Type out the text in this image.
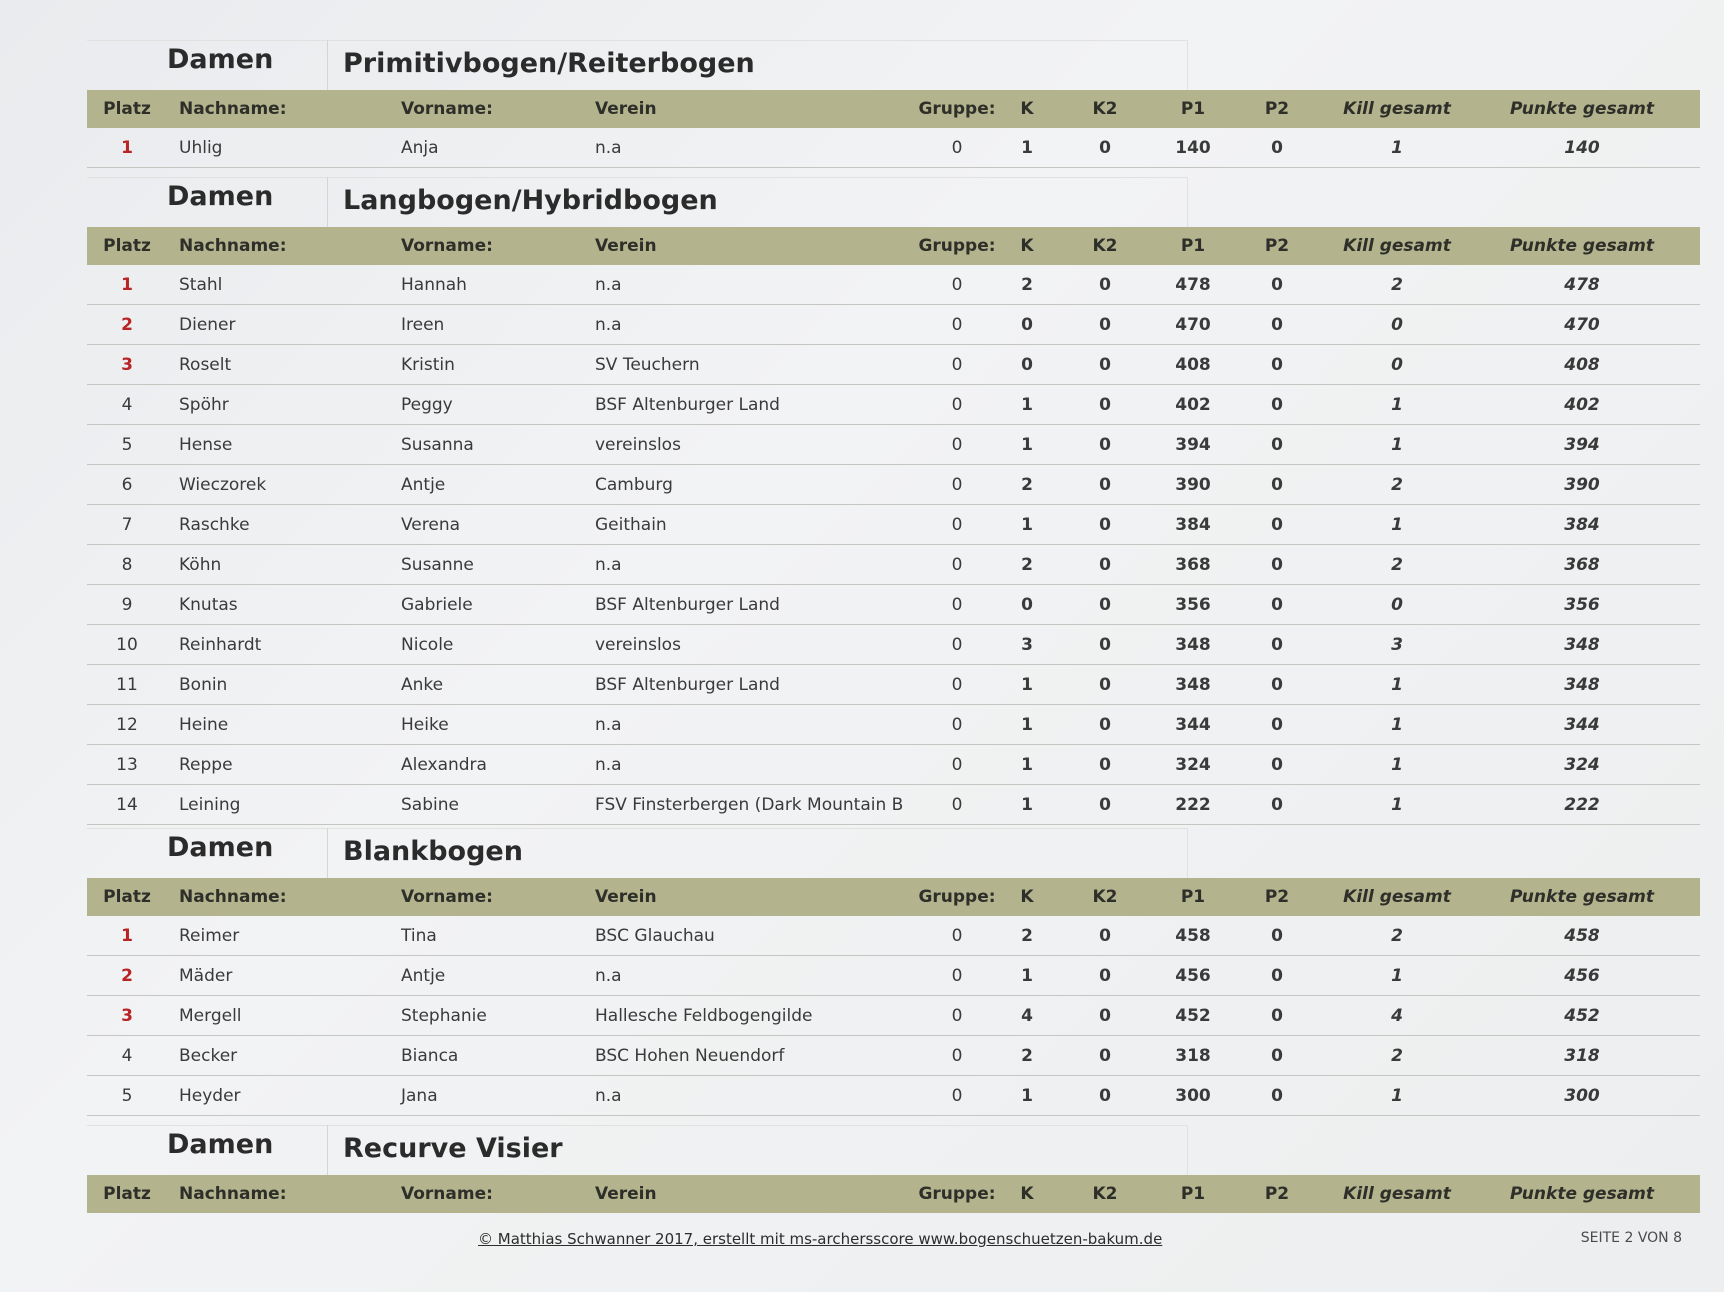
Damen	Primitivbogen/Reiterbogen
Platz	Nachname:	Vorname:	Verein	Gruppe:	K	K2	P1	P2	Kill gesamt	Punkte gesamt
1	Uhlig	Anja	n.a	0	1	0	140	0	1	140
Damen	Langbogen/Hybridbogen
Platz	Nachname:	Vorname:	Verein	Gruppe:	K	K2	P1	P2	Kill gesamt	Punkte gesamt
1	Stahl	Hannah	n.a	0	2	0	478	0	2	478
2	Diener	Ireen	n.a	0	0	0	470	0	0	470
3	Roselt	Kristin	SV Teuchern	0	0	0	408	0	0	408
4	Spöhr	Peggy	BSF Altenburger Land	0	1	0	402	0	1	402
5	Hense	Susanna	vereinslos	0	1	0	394	0	1	394
6	Wieczorek	Antje	Camburg	0	2	0	390	0	2	390
7	Raschke	Verena	Geithain	0	1	0	384	0	1	384
8	Köhn	Susanne	n.a	0	2	0	368	0	2	368
9	Knutas	Gabriele	BSF Altenburger Land	0	0	0	356	0	0	356
10	Reinhardt	Nicole	vereinslos	0	3	0	348	0	3	348
11	Bonin	Anke	BSF Altenburger Land	0	1	0	348	0	1	348
12	Heine	Heike	n.a	0	1	0	344	0	1	344
13	Reppe	Alexandra	n.a	0	1	0	324	0	1	324
14	Leining	Sabine	FSV Finsterbergen (Dark Mountain B	0	1	0	222	0	1	222
Damen	Blankbogen
Platz	Nachname:	Vorname:	Verein	Gruppe:	K	K2	P1	P2	Kill gesamt	Punkte gesamt
1	Reimer	Tina	BSC Glauchau	0	2	0	458	0	2	458
2	Mäder	Antje	n.a	0	1	0	456	0	1	456
3	Mergell	Stephanie	Hallesche Feldbogengilde	0	4	0	452	0	4	452
4	Becker	Bianca	BSC Hohen Neuendorf	0	2	0	318	0	2	318
5	Heyder	Jana	n.a	0	1	0	300	0	1	300
Damen	Recurve Visier
Platz	Nachname:	Vorname:	Verein	Gruppe:	K	K2	P1	P2	Kill gesamt	Punkte gesamt
© Matthias Schwanner 2017, erstellt mit ms-archersscore www.bogenschuetzen-bakum.de	SEITE 2 VON 8
